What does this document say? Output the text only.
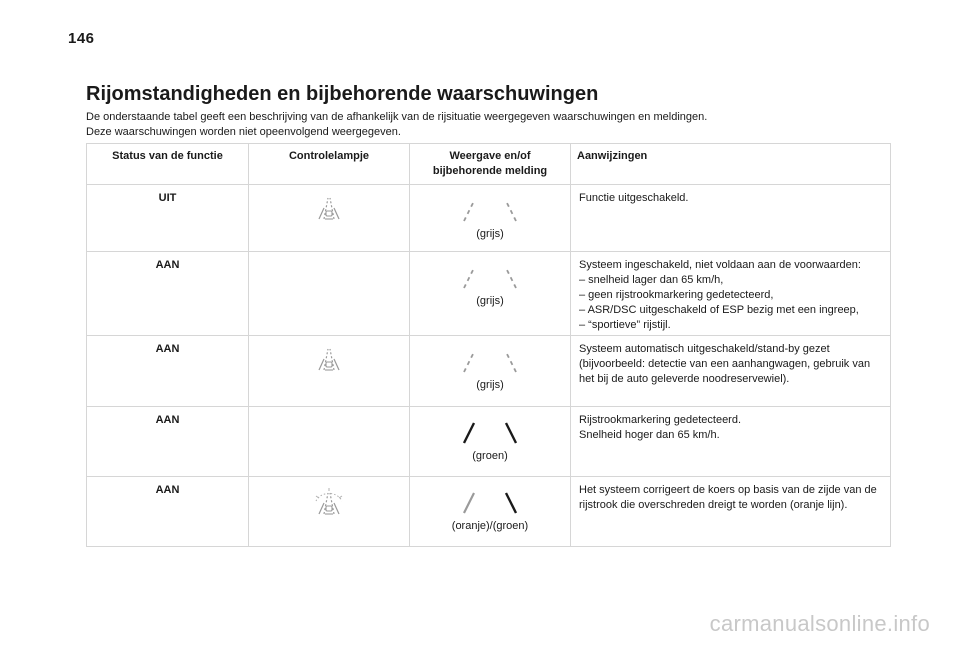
146
Rijomstandigheden en bijbehorende waarschuwingen

De onderstaande tabel geeft een beschrijving van de afhankelijk van de rijsituatie weergegeven waarschuwingen en meldingen.

Deze waarschuwingen worden niet opeenvolgend weergegeven.

Status van de functie	Controlelampje	Weergave en/of
bijbehorende melding	Aanwijzingen
UIT		(grijs)	Functie uitgeschakeld.

AAN		(grijs)	Systeem ingeschakeld, niet voldaan aan de voorwaarden:
– snelheid lager dan 65 km/h,
– geen rijstrookmarkering gedetecteerd,
– ASR/DSC uitgeschakeld of ESP bezig met een ingreep,
– “sportieve” rijstijl.

AAN		(grijs)	Systeem automatisch uitgeschakeld/stand-by gezet
(bijvoorbeeld: detectie van een aanhangwagen, gebruik van
het bij de auto geleverde noodreservewiel).

AAN		(groen)	Rijstrookmarkering gedetecteerd.
Snelheid hoger dan 65 km/h.

AAN		(oranje)/(groen)	Het systeem corrigeert de koers op basis van de zijde van de
rijstrook die overschreden dreigt te worden (oranje lijn).
carmanualsonline.info
